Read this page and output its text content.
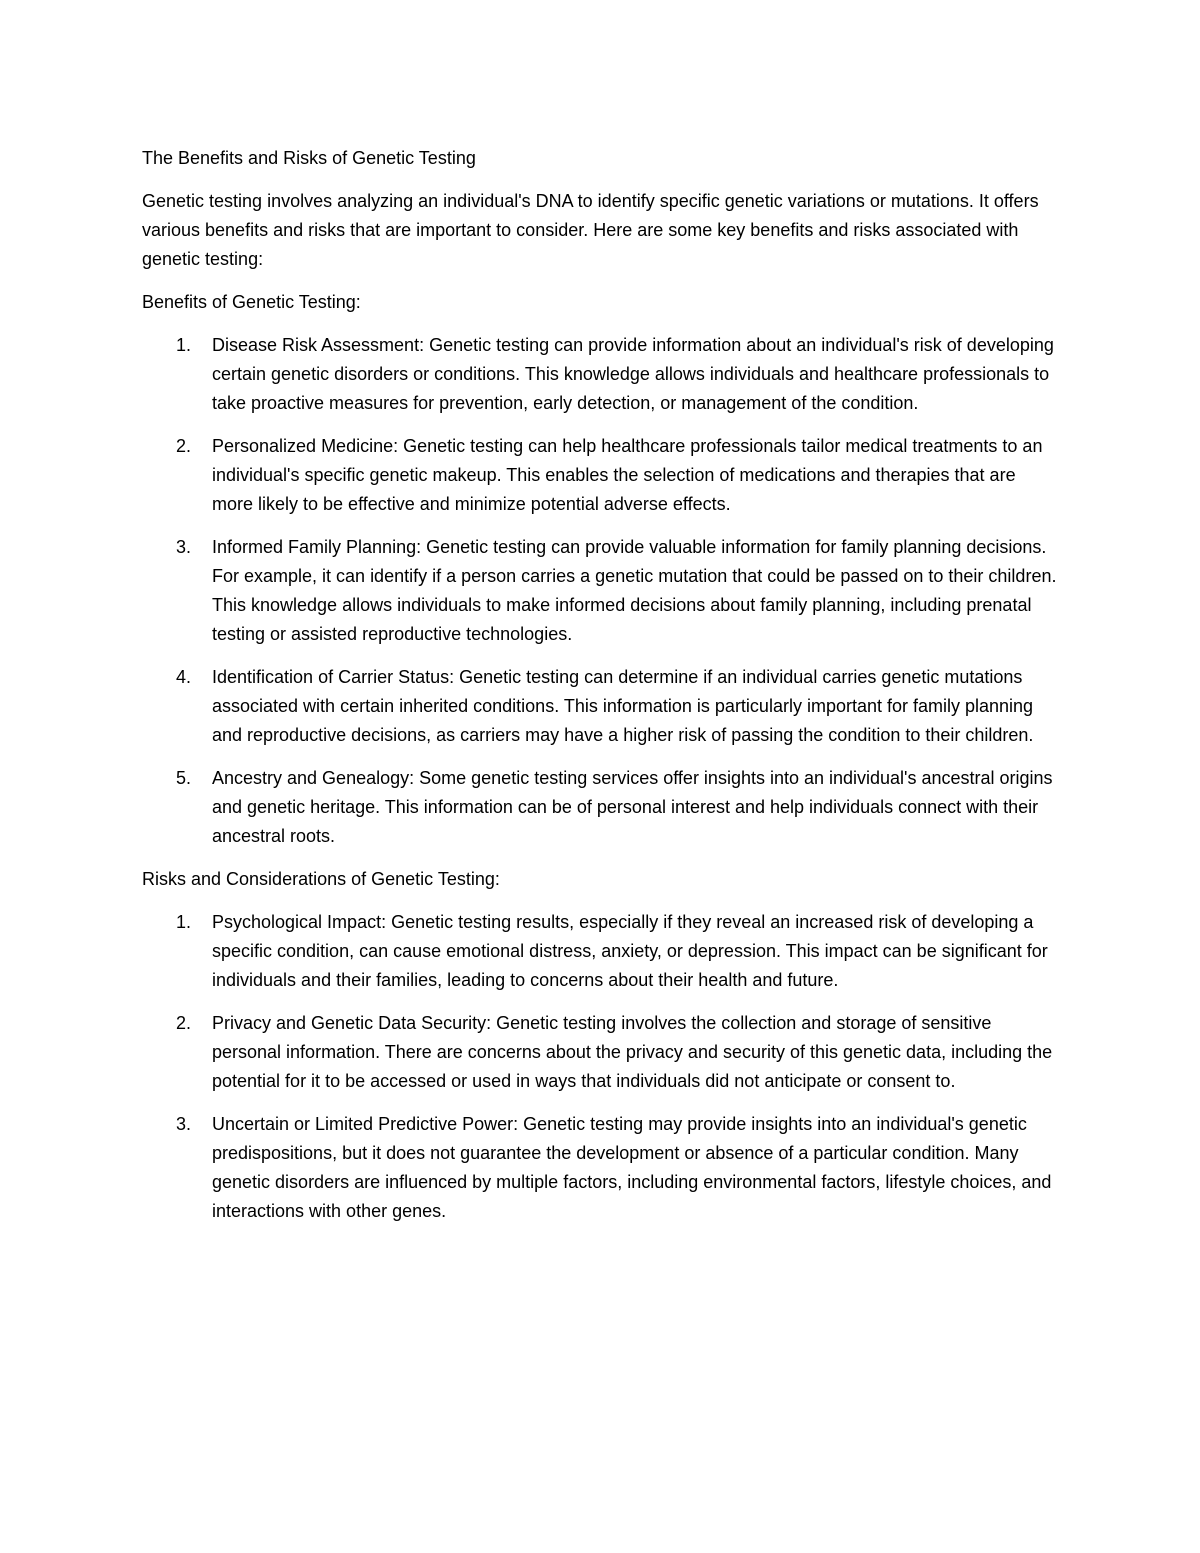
The Benefits and Risks of Genetic Testing

Genetic testing involves analyzing an individual's DNA to identify specific genetic variations or mutations. It offers various benefits and risks that are important to consider. Here are some key benefits and risks associated with genetic testing:

Benefits of Genetic Testing:

1. Disease Risk Assessment: Genetic testing can provide information about an individual's risk of developing certain genetic disorders or conditions. This knowledge allows individuals and healthcare professionals to take proactive measures for prevention, early detection, or management of the condition.
2. Personalized Medicine: Genetic testing can help healthcare professionals tailor medical treatments to an individual's specific genetic makeup. This enables the selection of medications and therapies that are more likely to be effective and minimize potential adverse effects.
3. Informed Family Planning: Genetic testing can provide valuable information for family planning decisions. For example, it can identify if a person carries a genetic mutation that could be passed on to their children. This knowledge allows individuals to make informed decisions about family planning, including prenatal testing or assisted reproductive technologies.
4. Identification of Carrier Status: Genetic testing can determine if an individual carries genetic mutations associated with certain inherited conditions. This information is particularly important for family planning and reproductive decisions, as carriers may have a higher risk of passing the condition to their children.
5. Ancestry and Genealogy: Some genetic testing services offer insights into an individual's ancestral origins and genetic heritage. This information can be of personal interest and help individuals connect with their ancestral roots.

Risks and Considerations of Genetic Testing:

1. Psychological Impact: Genetic testing results, especially if they reveal an increased risk of developing a specific condition, can cause emotional distress, anxiety, or depression. This impact can be significant for individuals and their families, leading to concerns about their health and future.
2. Privacy and Genetic Data Security: Genetic testing involves the collection and storage of sensitive personal information. There are concerns about the privacy and security of this genetic data, including the potential for it to be accessed or used in ways that individuals did not anticipate or consent to.
3. Uncertain or Limited Predictive Power: Genetic testing may provide insights into an individual's genetic predispositions, but it does not guarantee the development or absence of a particular condition. Many genetic disorders are influenced by multiple factors, including environmental factors, lifestyle choices, and interactions with other genes.
